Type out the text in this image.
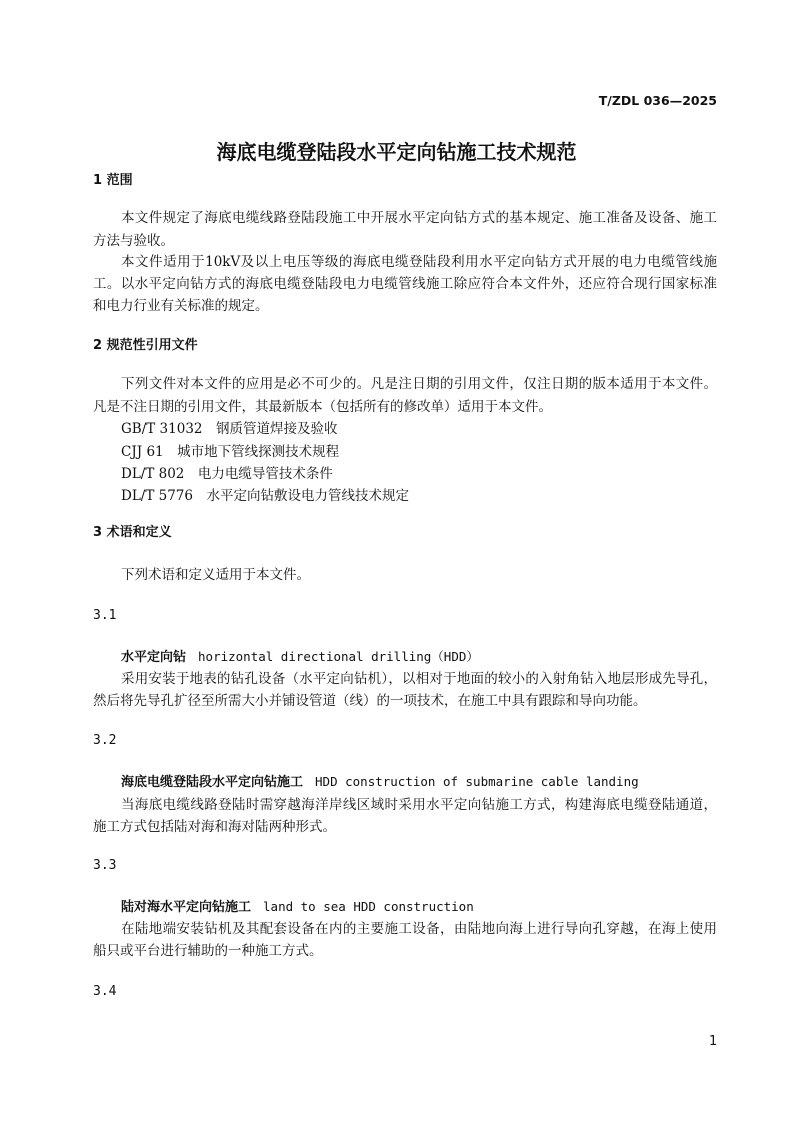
T/ZDL 036—2025
海底电缆登陆段水平定向钻施工技术规范
1
1 范围
本文件规定了海底电缆线路登陆段施工中开展水平定向钻方式的基本规定、施工准备及设备、施工
方法与验收。
本文件适用于10kV及以上电压等级的海底电缆登陆段利用水平定向钻方式开展的电力电缆管线施
工。以水平定向钻方式的海底电缆登陆段电力电缆管线施工除应符合本文件外，还应符合现行国家标准
和电力行业有关标准的规定。
2 规范性引用文件
下列文件对本文件的应用是必不可少的。凡是注日期的引用文件，仅注日期的版本适用于本文件。
凡是不注日期的引用文件，其最新版本（包括所有的修改单）适用于本文件。
GB/T 31032　钢质管道焊接及验收
CJJ 61　城市地下管线探测技术规程
DL/T 802　电力电缆导管技术条件
DL/T 5776　水平定向钻敷设电力管线技术规定
3 术语和定义
下列术语和定义适用于本文件。
3.1
水平定向钻 horizontal directional drilling（HDD）
采用安装于地表的钻孔设备（水平定向钻机），以相对于地面的较小的入射角钻入地层形成先导孔，
然后将先导孔扩径至所需大小并铺设管道（线）的一项技术，在施工中具有跟踪和导向功能。
3.2
海底电缆登陆段水平定向钻施工 HDD construction of submarine cable landing
当海底电缆线路登陆时需穿越海洋岸线区域时采用水平定向钻施工方式，构建海底电缆登陆通道，
施工方式包括陆对海和海对陆两种形式。
3.3
陆对海水平定向钻施工 land to sea HDD construction
在陆地端安装钻机及其配套设备在内的主要施工设备，由陆地向海上进行导向孔穿越，在海上使用
船只或平台进行辅助的一种施工方式。
3.4
